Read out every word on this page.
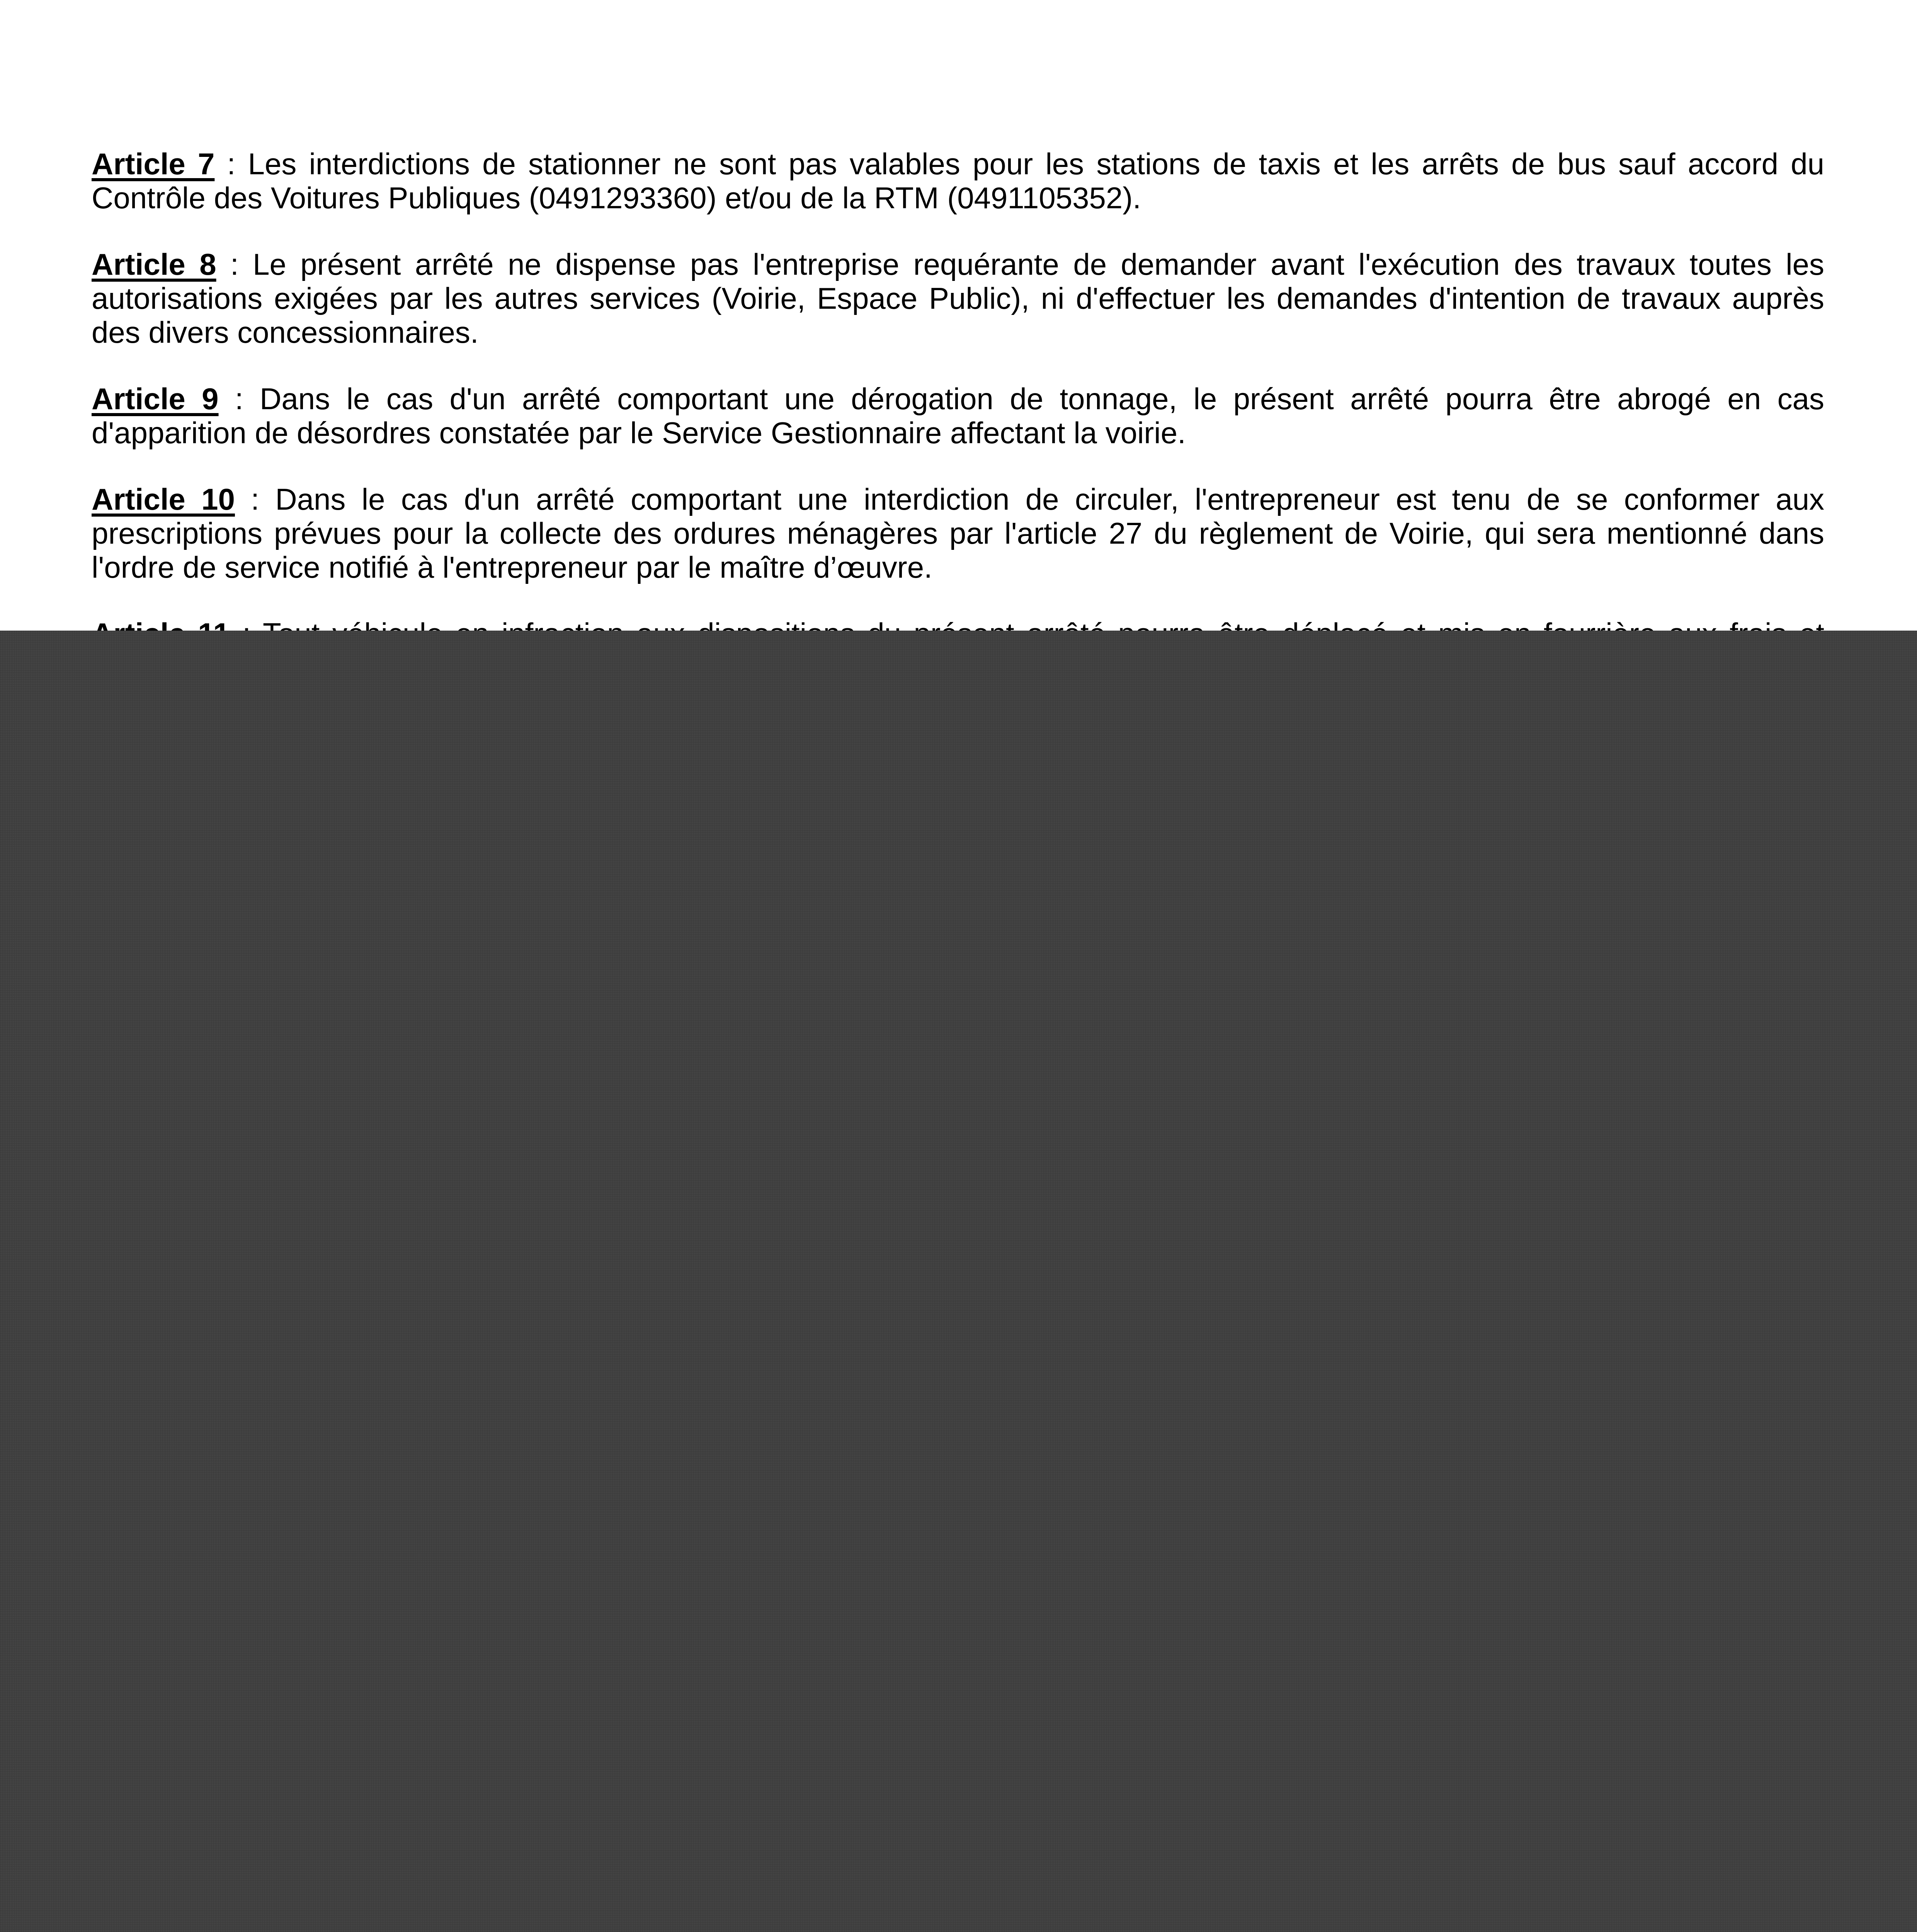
Article 7 : Les interdictions de stationner ne sont pas valables pour les stations de taxis et les arrêts de bus sauf accord du Contrôle des Voitures Publiques (0491293360) et/ou de la RTM (0491105352).

Article 8 : Le présent arrêté ne dispense pas l'entreprise requérante de demander avant l'exécution des travaux toutes les autorisations exigées par les autres services (Voirie, Espace Public), ni d'effectuer les demandes d'intention de travaux auprès des divers concessionnaires.

Article 9 : Dans le cas d'un arrêté comportant une dérogation de tonnage, le présent arrêté pourra être abrogé en cas d'apparition de désordres constatée par le Service Gestionnaire affectant la voirie.

Article 10 : Dans le cas d'un arrêté comportant une interdiction de circuler, l'entrepreneur est tenu de se conformer aux prescriptions prévues pour la collecte des ordures ménagères par l'article 27 du règlement de Voirie, qui sera mentionné dans l'ordre de service notifié à l'entrepreneur par le maître d’œuvre.
